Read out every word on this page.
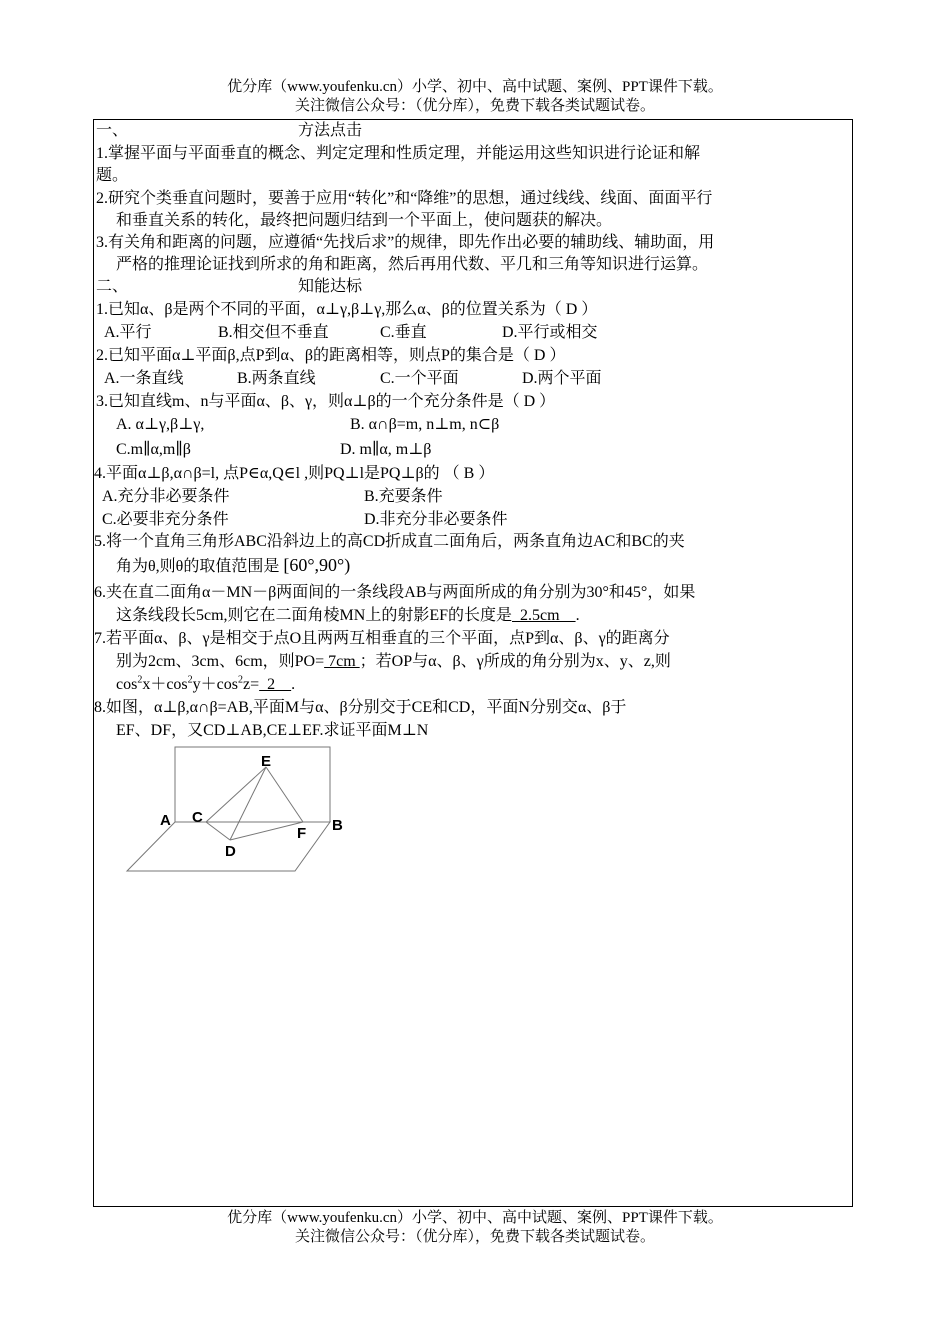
优分库（www.youfenku.cn）小学、初中、高中试题、案例、PPT课件下载。
关注微信公众号：（优分库），免费下载各类试题试卷。
一、	方法点击
1.掌握平面与平面垂直的概念、判定定理和性质定理，并能运用这些知识进行论证和解
题。
2.研究个类垂直问题时，要善于应用“转化”和“降维”的思想，通过线线、线面、面面平行
和垂直关系的转化，最终把问题归结到一个平面上，使问题获的解决。
3.有关角和距离的问题，应遵循“先找后求”的规律，即先作出必要的辅助线、辅助面，用
严格的推理论证找到所求的角和距离，然后再用代数、平几和三角等知识进行运算。
二、	知能达标
1.已知α、β是两个不同的平面，α⊥γ,β⊥γ,那么α、β的位置关系为（ D ）
A.平行	B.相交但不垂直	C.垂直	D.平行或相交
2.已知平面α⊥平面β,点P到α、β的距离相等，则点P的集合是（ D ）
A.一条直线	B.两条直线	C.一个平面	D.两个平面
3.已知直线m、n与平面α、β、γ，则α⊥β的一个充分条件是（ D ）
A. α⊥γ,β⊥γ,	B. α∩β=m, n⊥m, n⊂β
C.m∥α,m∥β	D. m∥α, m⊥β
4.平面α⊥β,α∩β=l, 点P∈α,Q∈l ,则PQ⊥l是PQ⊥β的 （ B ）
A.充分非必要条件	B.充要条件
C.必要非充分条件	D.非充分非必要条件
5.将一个直角三角形ABC沿斜边上的高CD折成直二面角后，两条直角边AC和BC的夹
角为θ,则θ的取值范围是 [60°,90°)
6.夹在直二面角α－MN－β两面间的一条线段AB与两面所成的角分别为30°和45°，如果
这条线段长5cm,则它在二面角棱MN上的射影EF的长度是  2.5cm    .
7.若平面α、β、γ是相交于点O且两两互相垂直的三个平面，点P到α、β、γ的距离分
别为2cm、3cm、6cm，则PO= 7cm ；若OP与α、β、γ所成的角分别为x、y、z,则
$\cos^2x+\cos^2y+\cos^2z= 2$    .
8.如图，α⊥β,α∩β=AB,平面M与α、β分别交于CE和CD，平面N分别交α、β于
EF、DF，又CD⊥AB,CE⊥EF.求证平面M⊥N
E
A C
F B
D
优分库（www.youfenku.cn）小学、初中、高中试题、案例、PPT课件下载。
关注微信公众号：（优分库），免费下载各类试题试卷。
